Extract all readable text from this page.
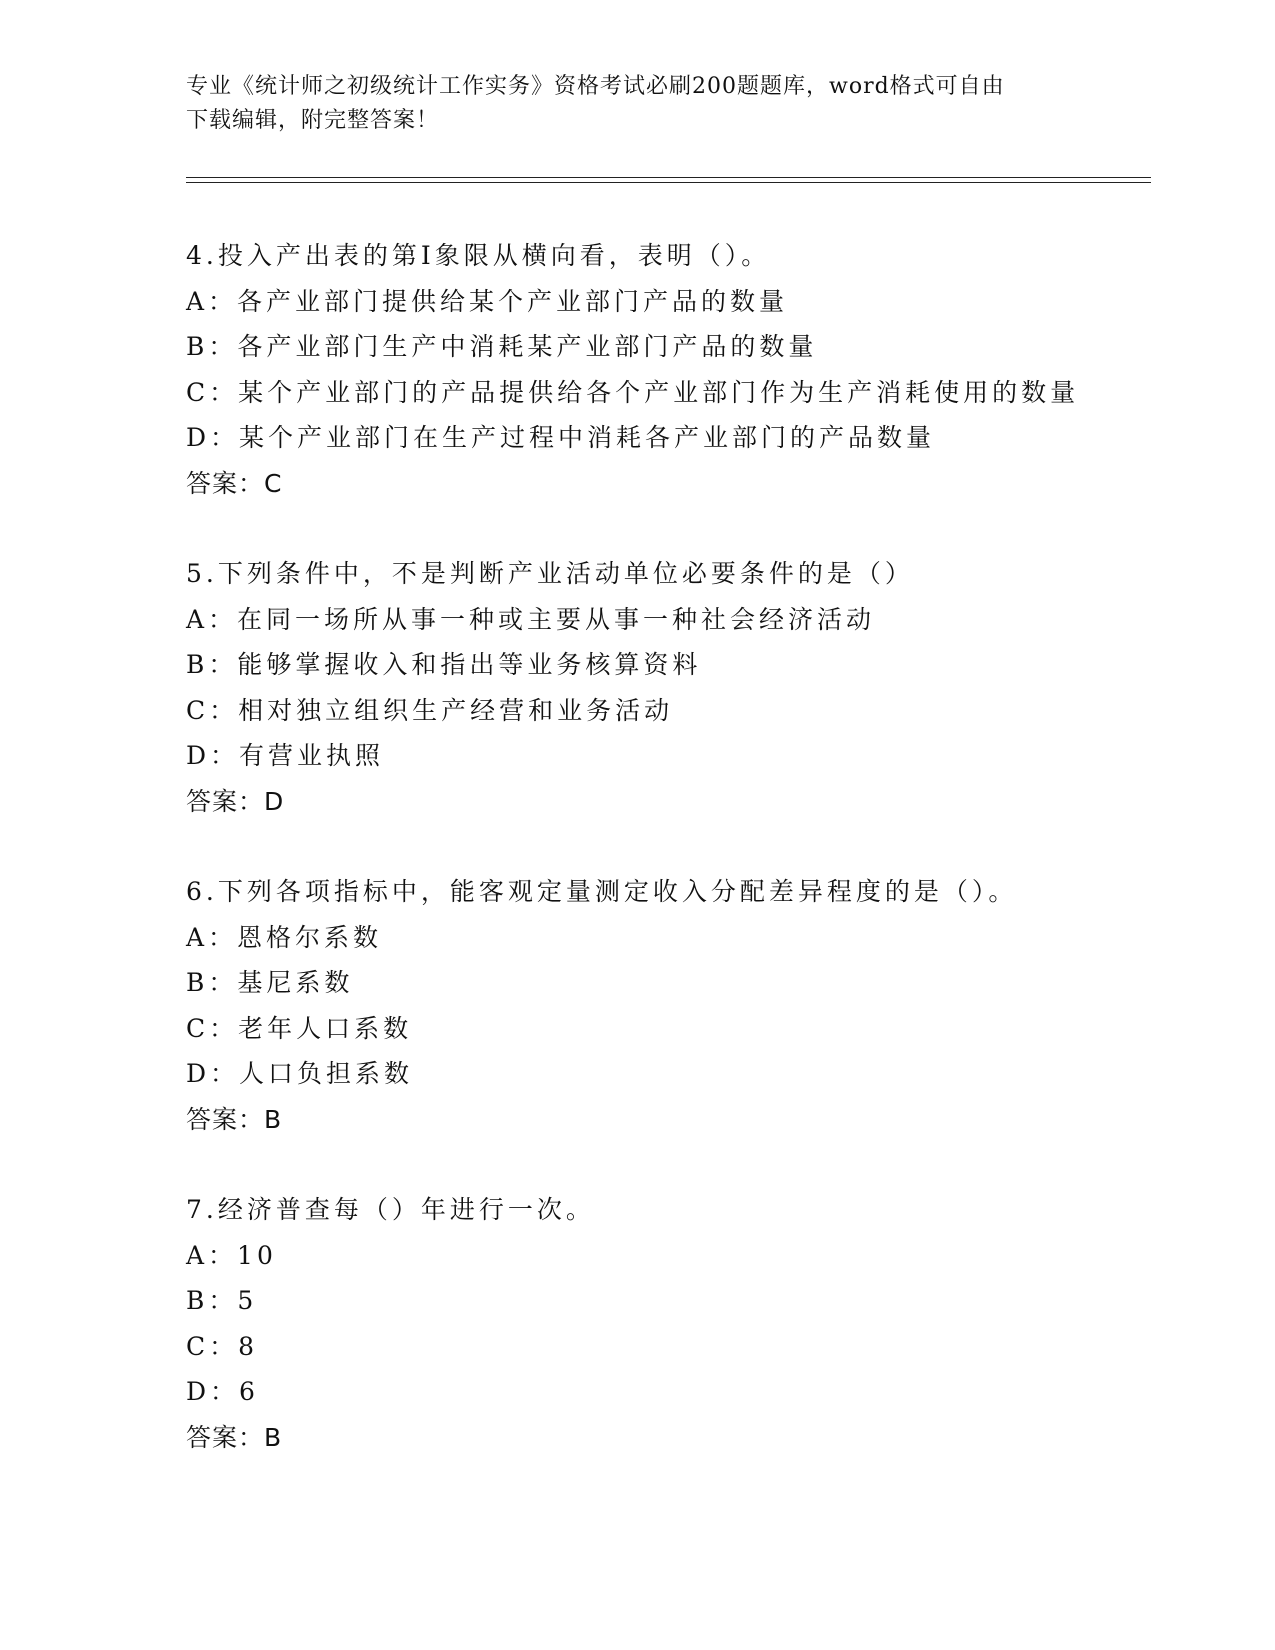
专业《统计师之初级统计工作实务》资格考试必刷200题题库，word格式可自由
下载编辑，附完整答案！
4.投入产出表的第Ⅰ象限从横向看，表明（）。
A：各产业部门提供给某个产业部门产品的数量
B：各产业部门生产中消耗某产业部门产品的数量
C：某个产业部门的产品提供给各个产业部门作为生产消耗使用的数量
D：某个产业部门在生产过程中消耗各产业部门的产品数量
答案：C
5.下列条件中，不是判断产业活动单位必要条件的是（）
A：在同一场所从事一种或主要从事一种社会经济活动
B：能够掌握收入和指出等业务核算资料
C：相对独立组织生产经营和业务活动
D：有营业执照
答案：D
6.下列各项指标中，能客观定量测定收入分配差异程度的是（）。
A：恩格尔系数
B：基尼系数
C：老年人口系数
D：人口负担系数
答案：B
7.经济普查每（）年进行一次。
A：10
B：5
C：8
D：6
答案：B
